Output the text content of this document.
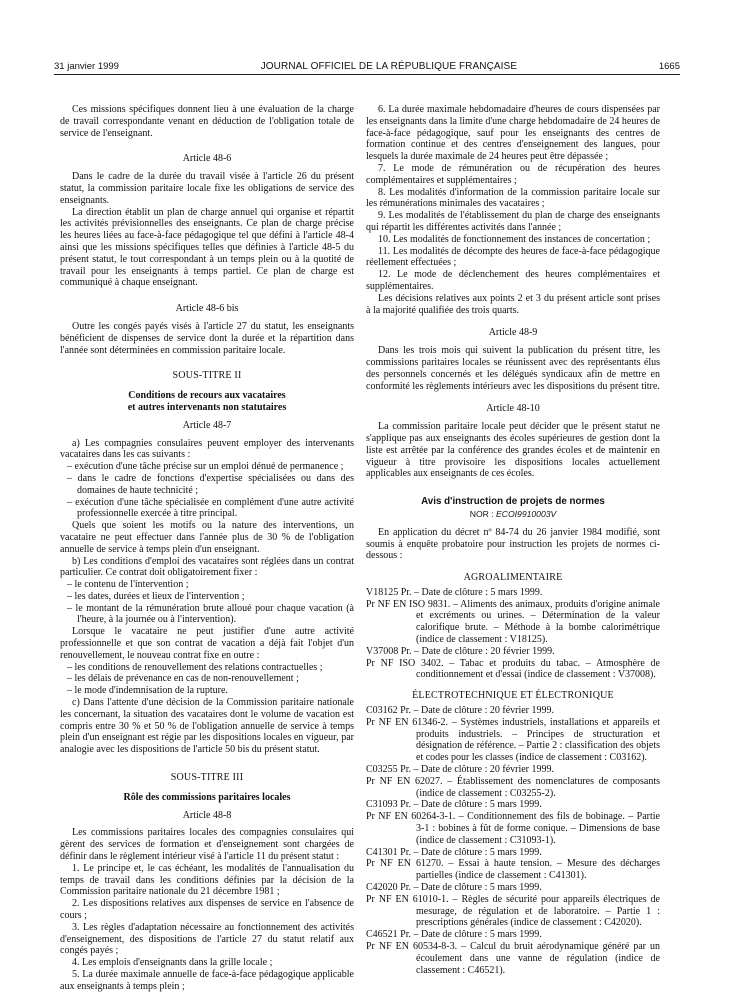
31 janvier 1999	JOURNAL OFFICIEL DE LA RÉPUBLIQUE FRANÇAISE	1665

Ces missions spécifiques donnent lieu à une évaluation de la charge de travail correspondante venant en déduction de l'obligation totale de service de l'enseignant.

Article 48-6

Dans le cadre de la durée du travail visée à l'article 26 du présent statut, la commission paritaire locale fixe les obligations de service des enseignants.

La direction établit un plan de charge annuel qui organise et répartit les activités prévisionnelles des enseignants. Ce plan de charge précise les heures liées au face-à-face pédagogique tel que défini à l'article 48-4 ainsi que les missions spécifiques telles que définies à l'article 48-5 du présent statut, le tout correspondant à un temps plein ou à la quotité de travail pour les enseignants à temps partiel. Ce plan de charge est communiqué à chaque enseignant.

Article 48-6 bis

Outre les congés payés visés à l'article 27 du statut, les enseignants bénéficient de dispenses de service dont la durée et la répartition dans l'année sont déterminées en commission paritaire locale.

SOUS-TITRE II
Conditions de recours aux vacataires
et autres intervenants non statutaires
Article 48-7

a) Les compagnies consulaires peuvent employer des intervenants vacataires dans les cas suivants :

– exécution d'une tâche précise sur un emploi dénué de permanence ;
– dans le cadre de fonctions d'expertise spécialisées ou dans des domaines de haute technicité ;
– exécution d'une tâche spécialisée en complément d'une autre activité professionnelle exercée à titre principal.

Quels que soient les motifs ou la nature des interventions, un vacataire ne peut effectuer dans l'année plus de 30 % de l'obligation annuelle de service à temps plein d'un enseignant.

b) Les conditions d'emploi des vacataires sont réglées dans un contrat particulier. Ce contrat doit obligatoirement fixer :

– le contenu de l'intervention ;
– les dates, durées et lieux de l'intervention ;
– le montant de la rémunération brute alloué pour chaque vacation (à l'heure, à la journée ou à l'intervention).

Lorsque le vacataire ne peut justifier d'une autre activité professionnelle et que son contrat de vacation a déjà fait l'objet d'un renouvellement, le nouveau contrat fixe en outre :

– les conditions de renouvellement des relations contractuelles ;
– les délais de prévenance en cas de non-renouvellement ;
– le mode d'indemnisation de la rupture.

c) Dans l'attente d'une décision de la Commission paritaire nationale les concernant, la situation des vacataires dont le volume de vacation est compris entre 30 % et 50 % de l'obligation annuelle de service à temps plein d'un enseignant est régie par les dispositions locales en vigueur, par analogie avec les dispositions de l'article 50 bis du présent statut.

SOUS-TITRE III
Rôle des commissions paritaires locales
Article 48-8

Les commissions paritaires locales des compagnies consulaires qui gèrent des services de formation et d'enseignement sont chargées de définir dans le règlement intérieur visé à l'article 11 du présent statut :

1. Le principe et, le cas échéant, les modalités de l'annualisation du temps de travail dans les conditions définies par la décision de la Commission paritaire nationale du 21 décembre 1981 ;

2. Les dispositions relatives aux dispenses de service en l'absence de cours ;

3. Les règles d'adaptation nécessaire au fonctionnement des activités d'enseignement, des dispositions de l'article 27 du statut relatif aux congés payés ;

4. Les emplois d'enseignants dans la grille locale ;

5. La durée maximale annuelle de face-à-face pédagogique applicable aux enseignants à temps plein ;

6. La durée maximale hebdomadaire d'heures de cours dispensées par les enseignants dans la limite d'une charge hebdomadaire de 24 heures de face-à-face pédagogique, sauf pour les enseignants des centres de formation continue et des centres d'enseignement des langues, pour lesquels la durée maximale de 24 heures peut être dépassée ;

7. Le mode de rémunération ou de récupération des heures complémentaires et supplémentaires ;

8. Les modalités d'information de la commission paritaire locale sur les rémunérations minimales des vacataires ;

9. Les modalités de l'établissement du plan de charge des enseignants qui répartit les différentes activités dans l'année ;

10. Les modalités de fonctionnement des instances de concertation ;

11. Les modalités de décompte des heures de face-à-face pédagogique réellement effectuées ;

12. Le mode de déclenchement des heures complémentaires et supplémentaires.

Les décisions relatives aux points 2 et 3 du présent article sont prises à la majorité qualifiée des trois quarts.

Article 48-9

Dans les trois mois qui suivent la publication du présent titre, les commissions paritaires locales se réunissent avec des représentants élus des personnels concernés et les délégués syndicaux afin de mettre en conformité les règlements intérieurs avec les dispositions du présent titre.

Article 48-10

La commission paritaire locale peut décider que le présent statut ne s'applique pas aux enseignants des écoles supérieures de gestion dont la liste est arrêtée par la conférence des grandes écoles et de maintenir en vigueur à titre provisoire les dispositions locales actuellement applicables aux enseignants de ces écoles.

Avis d'instruction de projets de normes
NOR : ECOI9910003V

En application du décret nº 84-74 du 26 janvier 1984 modifié, sont soumis à enquête probatoire pour instruction les projets de normes ci-dessous :

AGROALIMENTAIRE
V18125 Pr. – Date de clôture : 5 mars 1999.
Pr NF EN ISO 9831. – Aliments des animaux, produits d'origine animale et excréments ou urines. – Détermination de la valeur calorifique brute. – Méthode à la bombe calorimétrique (indice de classement : V18125).
V37008 Pr. – Date de clôture : 20 février 1999.
Pr NF ISO 3402. – Tabac et produits du tabac. – Atmosphère de conditionnement et d'essai (indice de classement : V37008).
ÉLECTROTECHNIQUE ET ÉLECTRONIQUE
C03162 Pr. – Date de clôture : 20 février 1999.
Pr NF EN 61346-2. – Systèmes industriels, installations et appareils et produits industriels. – Principes de structuration et désignation de référence. – Partie 2 : classification des objets et codes pour les classes (indice de classement : C03162).
C03255 Pr. – Date de clôture : 20 février 1999.
Pr NF EN 62027. – Établissement des nomenclatures de composants (indice de classement : C03255-2).
C31093 Pr. – Date de clôture : 5 mars 1999.
Pr NF EN 60264-3-1. – Conditionnement des fils de bobinage. – Partie 3-1 : bobines à fût de forme conique. – Dimensions de base (indice de classement : C31093-1).
C41301 Pr. – Date de clôture : 5 mars 1999.
Pr NF EN 61270. – Essai à haute tension. – Mesure des décharges partielles (indice de classement : C41301).
C42020 Pr. – Date de clôture : 5 mars 1999.
Pr NF EN 61010-1. – Règles de sécurité pour appareils électriques de mesurage, de régulation et de laboratoire. – Partie 1 : prescriptions générales (indice de classement : C42020).
C46521 Pr. – Date de clôture : 5 mars 1999.
Pr NF EN 60534-8-3. – Calcul du bruit aérodynamique généré par un écoulement dans une vanne de régulation (indice de classement : C46521).
